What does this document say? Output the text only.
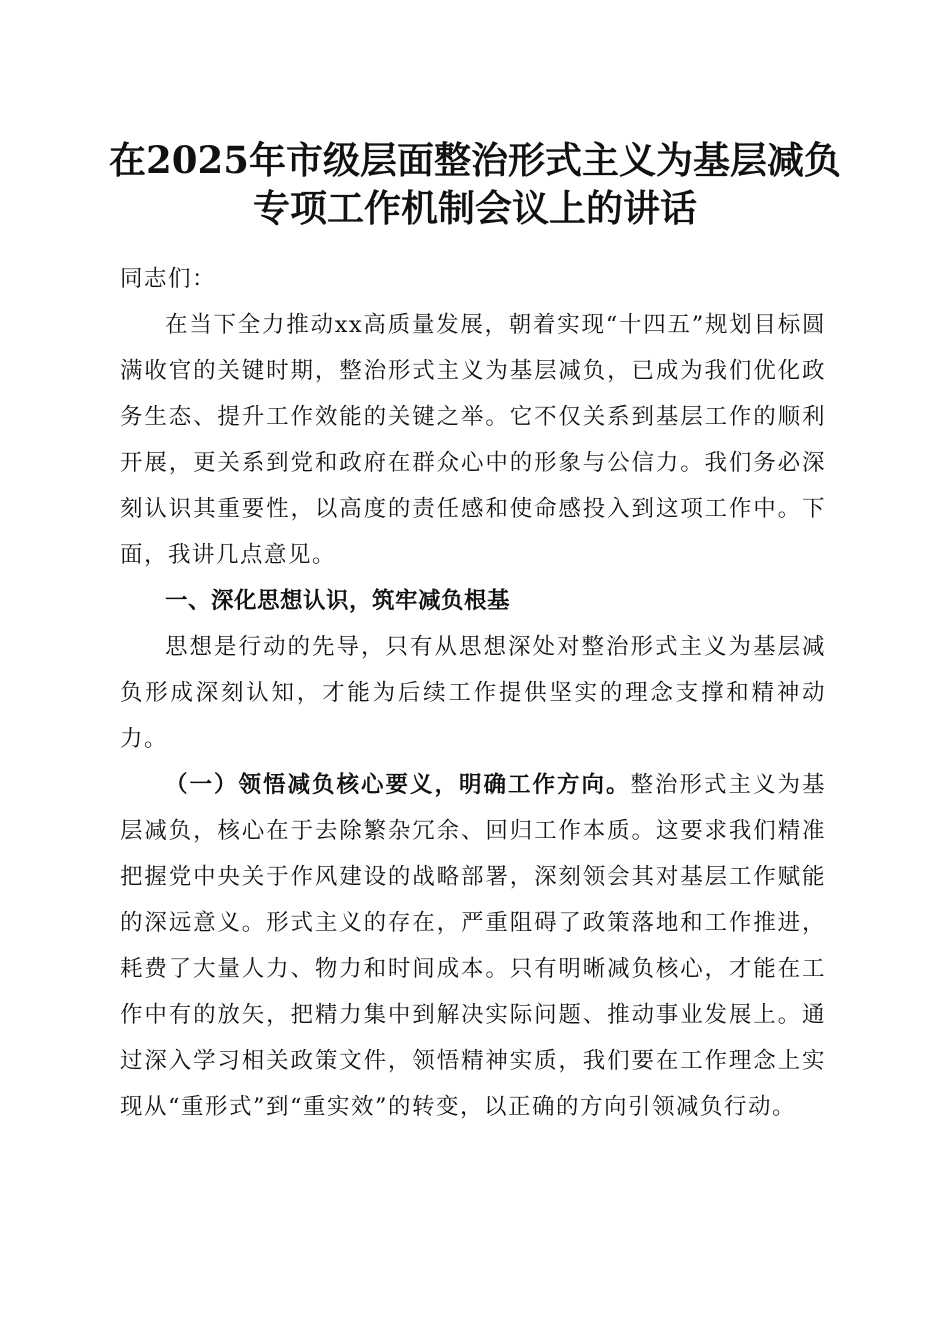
在2025年市级层面整治形式主义为基层减负
专项工作机制会议上的讲话

同志们：

在当下全力推动xx高质量发展，朝着实现“十四五”规划目标圆满收官的关键时期，整治形式主义为基层减负，已成为我们优化政务生态、提升工作效能的关键之举。它不仅关系到基层工作的顺利开展，更关系到党和政府在群众心中的形象与公信力。我们务必深刻认识其重要性，以高度的责任感和使命感投入到这项工作中。下面，我讲几点意见。

一、深化思想认识，筑牢减负根基

思想是行动的先导，只有从思想深处对整治形式主义为基层减负形成深刻认知，才能为后续工作提供坚实的理念支撑和精神动力。

（一）领悟减负核心要义，明确工作方向。整治形式主义为基层减负，核心在于去除繁杂冗余、回归工作本质。这要求我们精准把握党中央关于作风建设的战略部署，深刻领会其对基层工作赋能的深远意义。形式主义的存在，严重阻碍了政策落地和工作推进，耗费了大量人力、物力和时间成本。只有明晰减负核心，才能在工作中有的放矢，把精力集中到解决实际问题、推动事业发展上。通过深入学习相关政策文件，领悟精神实质，我们要在工作理念上实现从“重形式”到“重实效”的转变，以正确的方向引领减负行动。
